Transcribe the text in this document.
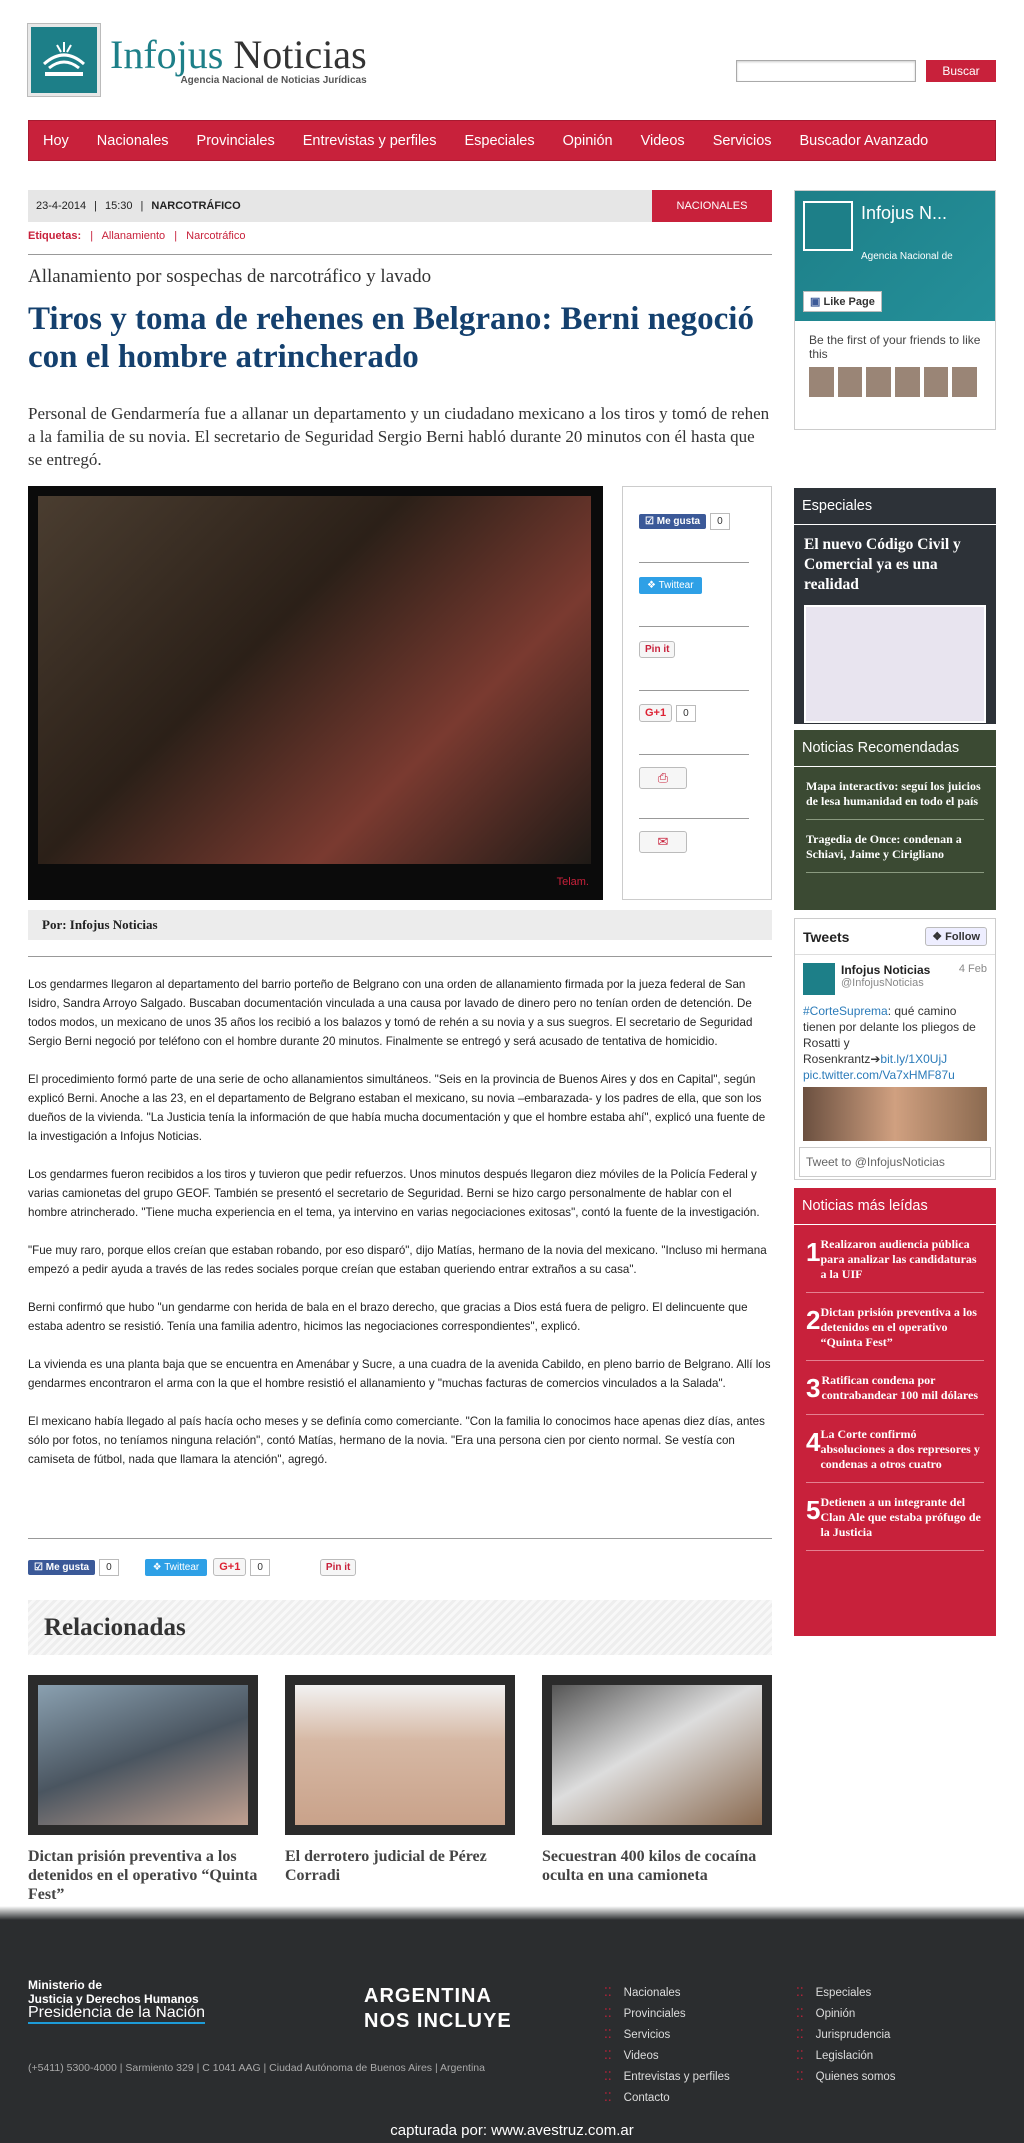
Infojus Noticias
Agencia Nacional de Noticias Jurídicas
Buscar
Hoy Nacionales Provinciales Entrevistas y perfiles Especiales Opinión Videos Servicios Buscador Avanzado
23-4-2014 | 15:30 | NARCOTRÁFICO	NACIONALES
Etiquetas: | Allanamiento | Narcotráfico
Allanamiento por sospechas de narcotráfico y lavado
Tiros y toma de rehenes en Belgrano: Berni negoció con el hombre atrincherado
Personal de Gendarmería fue a allanar un departamento y un ciudadano mexicano a los tiros y tomó de rehen a la familia de su novia. El secretario de Seguridad Sergio Berni habló durante 20 minutos con él hasta que se entregó.
Telam.
☑ Me gusta 0
❖ Twittear
Pin it
G+1 0
⎙
✉
Por: Infojus Noticias

Los gendarmes llegaron al departamento del barrio porteño de Belgrano con una orden de allanamiento firmada por la jueza federal de San Isidro, Sandra Arroyo Salgado. Buscaban documentación vinculada a una causa por lavado de dinero pero no tenían orden de detención. De todos modos, un mexicano de unos 35 años los recibió a los balazos y tomó de rehén a su novia y a sus suegros. El secretario de Seguridad Sergio Berni negoció por teléfono con el hombre durante 20 minutos. Finalmente se entregó y será acusado de tentativa de homicidio.

El procedimiento formó parte de una serie de ocho allanamientos simultáneos. "Seis en la provincia de Buenos Aires y dos en Capital", según explicó Berni. Anoche a las 23, en el departamento de Belgrano estaban el mexicano, su novia –embarazada- y los padres de ella, que son los dueños de la vivienda. "La Justicia tenía la información de que había mucha documentación y que el hombre estaba ahí", explicó una fuente de la investigación a Infojus Noticias.

Los gendarmes fueron recibidos a los tiros y tuvieron que pedir refuerzos. Unos minutos después llegaron diez móviles de la Policía Federal y varias camionetas del grupo GEOF. También se presentó el secretario de Seguridad. Berni se hizo cargo personalmente de hablar con el hombre atrincherado. "Tiene mucha experiencia en el tema, ya intervino en varias negociaciones exitosas", contó la fuente de la investigación.

"Fue muy raro, porque ellos creían que estaban robando, por eso disparó", dijo Matías, hermano de la novia del mexicano. "Incluso mi hermana empezó a pedir ayuda a través de las redes sociales porque creían que estaban queriendo entrar extraños a su casa".

Berni confirmó que hubo "un gendarme con herida de bala en el brazo derecho, que gracias a Dios está fuera de peligro. El delincuente que estaba adentro se resistió. Tenía una familia adentro, hicimos las negociaciones correspondientes", explicó.

La vivienda es una planta baja que se encuentra en Amenábar y Sucre, a una cuadra de la avenida Cabildo, en pleno barrio de Belgrano. Allí los gendarmes encontraron el arma con la que el hombre resistió el allanamiento y "muchas facturas de comercios vinculados a la Salada".

El mexicano había llegado al país hacía ocho meses y se definía como comerciante. "Con la familia lo conocimos hace apenas diez días, antes sólo por fotos, no teníamos ninguna relación", contó Matías, hermano de la novia. "Era una persona cien por ciento normal. Se vestía con camiseta de fútbol, nada que llamara la atención", agregó.

☑ Me gusta	0	❖ Twittear	G+1	0	Pin it
Relacionadas
Dictan prisión preventiva a los detenidos en el operativo “Quinta Fest”
El derrotero judicial de Pérez Corradi
Secuestran 400 kilos de cocaína oculta en una camioneta
Infojus N...
Agencia Nacional de
▣ Like Page
Be the first of your friends to like this
Especiales
El nuevo Código Civil y Comercial ya es una realidad
Noticias Recomendadas
Mapa interactivo: seguí los juicios de lesa humanidad en todo el país
Tragedia de Once: condenan a Schiavi, Jaime y Cirigliano
Tweets	❖ Follow
Infojus Noticias	4 Feb
@InfojusNoticias
#CorteSuprema: qué camino tienen por delante los pliegos de Rosatti y Rosenkrantz➔bit.ly/1X0UjJ
pic.twitter.com/Va7xHMF87u
Tweet to @InfojusNoticias
Noticias más leídas
1 Realizaron audiencia pública para analizar las candidaturas a la UIF
2 Dictan prisión preventiva a los detenidos en el operativo “Quinta Fest”
3 Ratifican condena por contrabandear 100 mil dólares
4 La Corte confirmó absoluciones a dos represores y condenas a otros cuatro
5 Detienen a un integrante del Clan Ale que estaba prófugo de la Justicia
Ministerio de
Justicia y Derechos Humanos
Presidencia de la Nación
ARGENTINA
NOS INCLUYE
(+5411) 5300-4000 | Sarmiento 329 | C 1041 AAG | Ciudad Autónoma de Buenos Aires | Argentina
⁚⁚ Nacionales
⁚⁚ Provinciales
⁚⁚ Servicios
⁚⁚ Videos
⁚⁚ Entrevistas y perfiles
⁚⁚ Contacto
⁚⁚ Especiales
⁚⁚ Opinión
⁚⁚ Jurisprudencia
⁚⁚ Legislación
⁚⁚ Quienes somos
capturada por: www.avestruz.com.ar
